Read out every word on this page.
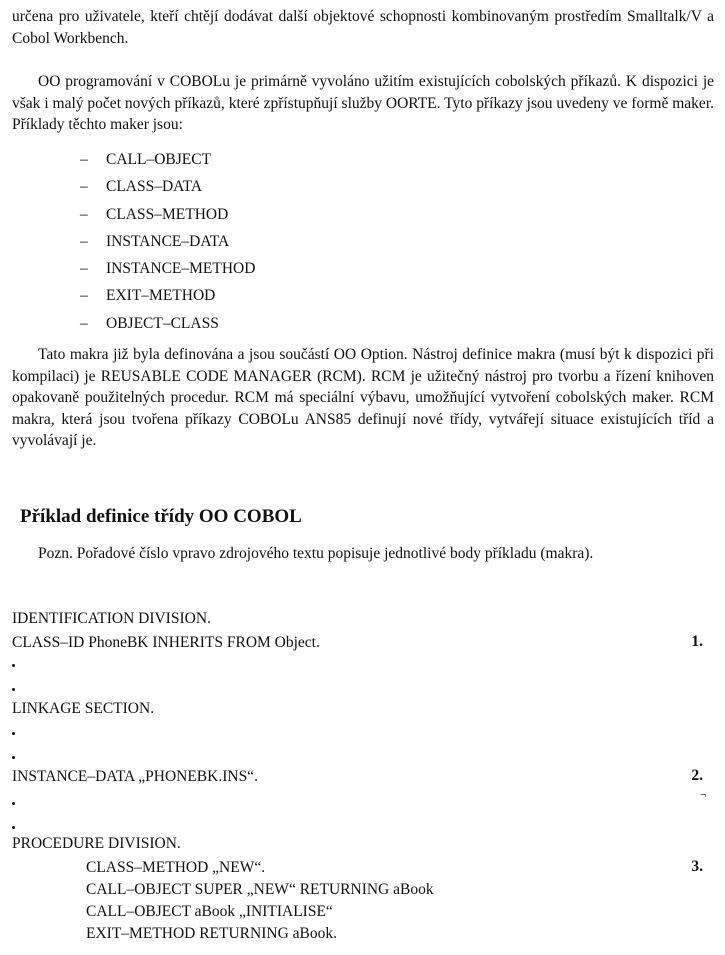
určena pro uživatele, kteří chtějí dodávat další objektové schopnosti kombinovaným prostředím Smalltalk/V a Cobol Workbench.

OO programování v COBOLu je primárně vyvoláno užitím existujících cobolských příkazů. K dispozici je však i malý počet nových příkazů, které zpřístupňují služby OORTE. Tyto příkazy jsou uvedeny ve formě maker. Příklady těchto maker jsou:

–	CALL–OBJECT
–	CLASS–DATA
–	CLASS–METHOD
–	INSTANCE–DATA
–	INSTANCE–METHOD
–	EXIT–METHOD
–	OBJECT–CLASS

Tato makra již byla definována a jsou součástí OO Option. Nástroj definice makra (musí být k dispozici při kompilaci) je REUSABLE CODE MANAGER (RCM). RCM je užitečný nástroj pro tvorbu a řízení knihoven opakovaně použitelných procedur. RCM má speciální výbavu, umožňující vytvoření cobolských maker. RCM makra, která jsou tvořena příkazy COBOLu ANS85 definují nové třídy, vytvářejí situace existujících tříd a vyvolávají je.

Příklad definice třídy OO COBOL

Pozn. Pořadové číslo vpravo zdrojového textu popisuje jednotlivé body příkladu (makra).

IDENTIFICATION DIVISION.
CLASS–ID PhoneBK INHERITS FROM Object.	1.
LINKAGE SECTION.
INSTANCE–DATA „PHONEBK.INS“.	2.
¬
PROCEDURE DIVISION.
CLASS–METHOD „NEW“.	3.
CALL–OBJECT SUPER „NEW“ RETURNING aBook
CALL–OBJECT aBook „INITIALISE“
EXIT–METHOD RETURNING aBook.
